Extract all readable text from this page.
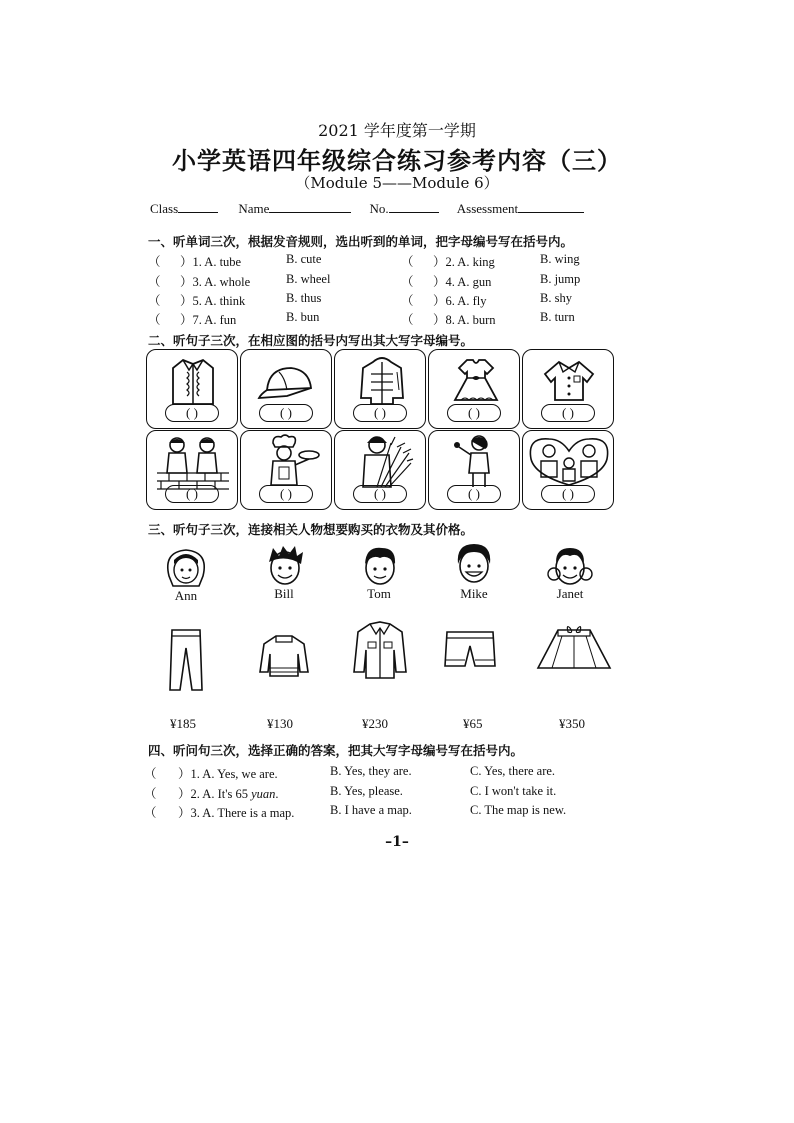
2021 学年度第一学期
小学英语四年级综合练习参考内容（三）
（Module 5——Module 6）
Class	Name	No.	Assessment
一、听单词三次，根据发音规则，选出听到的单词，把字母编号写在括号内。
（ ）1. A. tube	B. cute	（ ）2. A. king	B. wing
（ ）3. A. whole	B. wheel	（ ）4. A. gun	B. jump
（ ）5. A. think	B. thus	（ ）6. A. fly	B. shy
（ ）7. A. fun	B. bun	（ ）8. A. burn	B. turn
二、听句子三次，在相应图的括号内写出其大写字母编号。
( )	( )	( )	( )	( )
( )	( )	( )	( )	( )
三、听句子三次，连接相关人物想要购买的衣物及其价格。
Ann	Bill	Tom	Mike	Janet
¥185	¥130	¥230	¥65	¥350
四、听问句三次，选择正确的答案，把其大写字母编号写在括号内。
（ ）1. A. Yes, we are.	B. Yes, they are.	C. Yes, there are.
（ ）2. A. It's 65 yuan.	B. Yes, please.	C. I won't take it.
（ ）3. A. There is a map.	B. I have a map.	C. The map is new.
–1–
